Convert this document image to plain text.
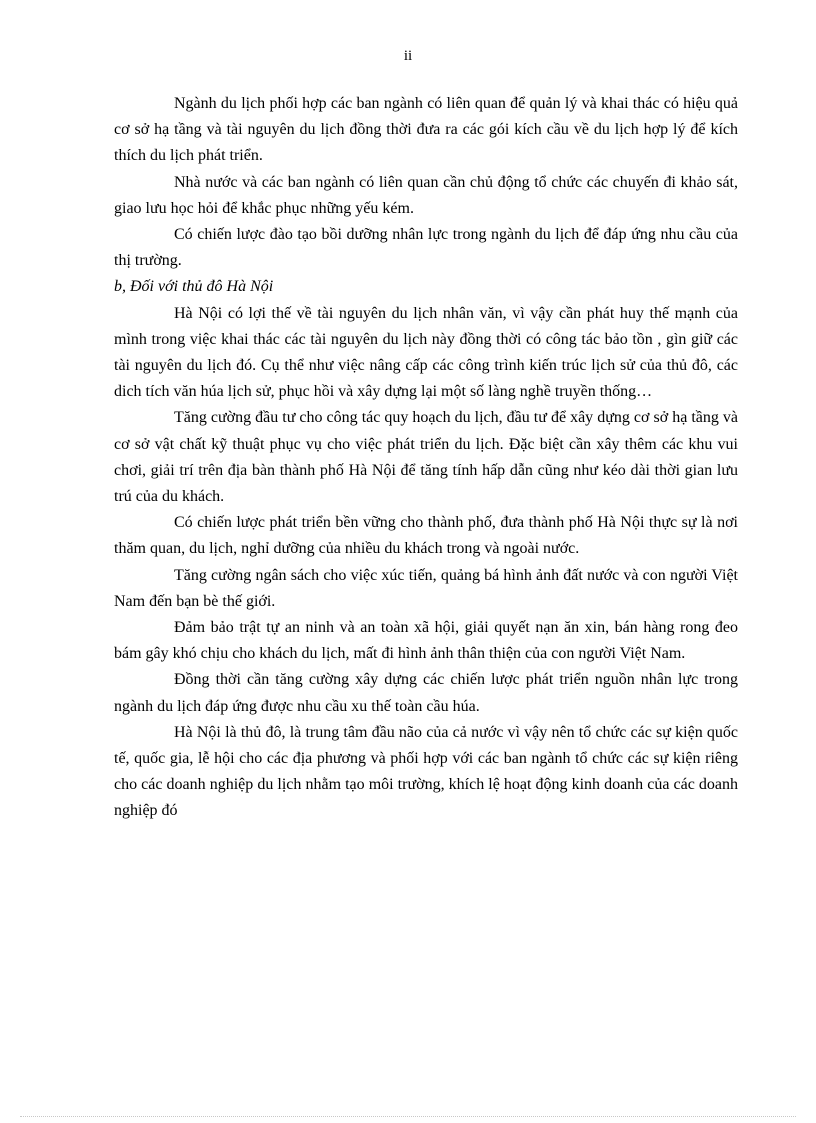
ii

Ngành du lịch phối hợp các ban ngành có liên quan để quản lý và khai thác có hiệu quả cơ sở hạ tầng và tài nguyên du lịch đồng thời đưa ra các gói kích cầu về du lịch hợp lý để kích thích du lịch phát triển.

Nhà nước và các ban ngành có liên quan cần chủ động tổ chức các chuyến đi khảo sát, giao lưu học hỏi để khắc phục những yếu kém.

Có chiến lược đào tạo bồi dưỡng nhân lực trong ngành du lịch để đáp ứng nhu cầu của thị trường.

b, Đối với thủ đô Hà Nội

Hà Nội có lợi thế về tài nguyên du lịch nhân văn, vì vậy cần phát huy thế mạnh của mình trong việc khai thác các tài nguyên du lịch này đồng thời có công tác bảo tồn , gìn giữ các tài nguyên du lịch đó. Cụ thể như việc nâng cấp các công trình kiến trúc lịch sử của thủ đô, các dich tích văn húa lịch sử, phục hồi và xây dựng lại một số làng nghề truyền thống…

Tăng cường đầu tư cho công tác quy hoạch du lịch, đầu tư để xây dựng cơ sở hạ tầng và cơ sở vật chất kỹ thuật phục vụ cho việc phát triển du lịch. Đặc biệt cần xây thêm các khu vui chơi, giải trí trên địa bàn thành phố Hà Nội để tăng tính hấp dẫn cũng như kéo dài thời gian lưu trú của du khách.

Có chiến lược phát triển bền vững cho thành phố, đưa thành phố Hà Nội thực sự là nơi thăm quan, du lịch, nghỉ dưỡng của nhiều du khách trong và ngoài nước.

Tăng cường ngân sách cho việc xúc tiến, quảng bá hình ảnh đất nước và con người Việt Nam đến bạn bè thế giới.

Đảm bảo trật tự an ninh và an toàn xã hội, giải quyết nạn ăn xin, bán hàng rong đeo bám gây khó chịu cho khách du lịch, mất đi hình ảnh thân thiện của con người Việt Nam.

Đồng thời cần tăng cường xây dựng các chiến lược phát triển nguồn nhân lực trong ngành du lịch đáp ứng được nhu cầu xu thế toàn cầu húa.

Hà Nội là thủ đô, là trung tâm đầu não của cả nước vì vậy nên tổ chức các sự kiện quốc tế, quốc gia, lễ hội cho các địa phương và phối hợp với các ban ngành tổ chức các sự kiện riêng cho các doanh nghiệp du lịch nhằm tạo môi trường, khích lệ hoạt động kinh doanh của các doanh nghiệp đó
